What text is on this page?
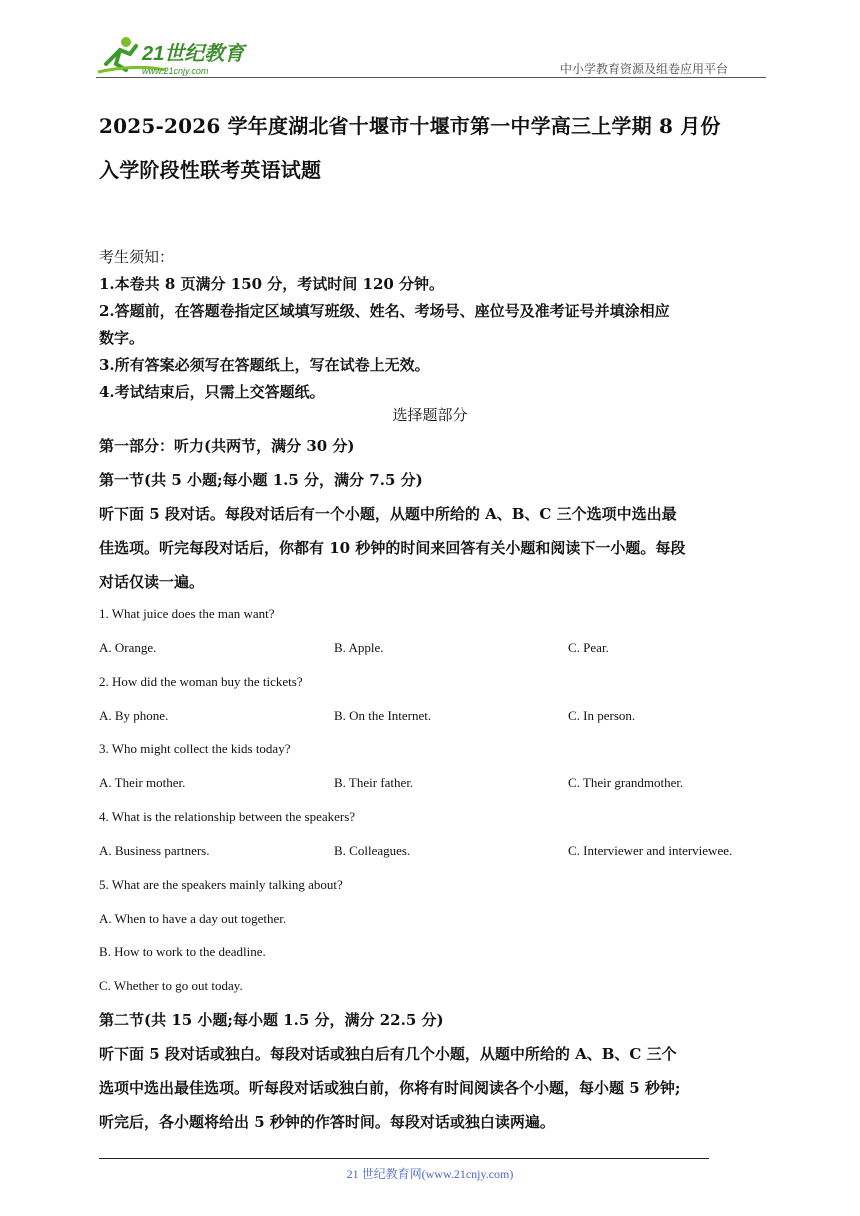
21世纪教育
www.21cnjy.com	中小学教育资源及组卷应用平台
2025-2026 学年度湖北省十堰市十堰市第一中学高三上学期 8 月份
入学阶段性联考英语试题
考生须知：
1.本卷共 8 页满分 150 分，考试时间 120 分钟。
2.答题前，在答题卷指定区域填写班级、姓名、考场号、座位号及准考证号并填涂相应
数字。
3.所有答案必须写在答题纸上，写在试卷上无效。
4.考试结束后，只需上交答题纸。
选择题部分
第一部分：听力(共两节，满分 30 分)
第一节(共 5 小题;每小题 1.5 分，满分 7.5 分)
听下面 5 段对话。每段对话后有一个小题，从题中所给的 A、B、C 三个选项中选出最
佳选项。听完每段对话后，你都有 10 秒钟的时间来回答有关小题和阅读下一小题。每段
对话仅读一遍。
1. What juice does the man want?
A. Orange.	B. Apple.	C. Pear.
2. How did the woman buy the tickets?
A. By phone.	B. On the Internet.	C. In person.
3. Who might collect the kids today?
A. Their mother.	B. Their father.	C. Their grandmother.
4. What is the relationship between the speakers?
A. Business partners.	B. Colleagues.	C. Interviewer and interviewee.
5. What are the speakers mainly talking about?
A. When to have a day out together.
B. How to work to the deadline.
C. Whether to go out today.
第二节(共 15 小题;每小题 1.5 分，满分 22.5 分)
听下面 5 段对话或独白。每段对话或独白后有几个小题，从题中所给的 A、B、C 三个
选项中选出最佳选项。听每段对话或独白前，你将有时间阅读各个小题，每小题 5 秒钟;
听完后，各小题将给出 5 秒钟的作答时间。每段对话或独白读两遍。
21 世纪教育网(www.21cnjy.com)
